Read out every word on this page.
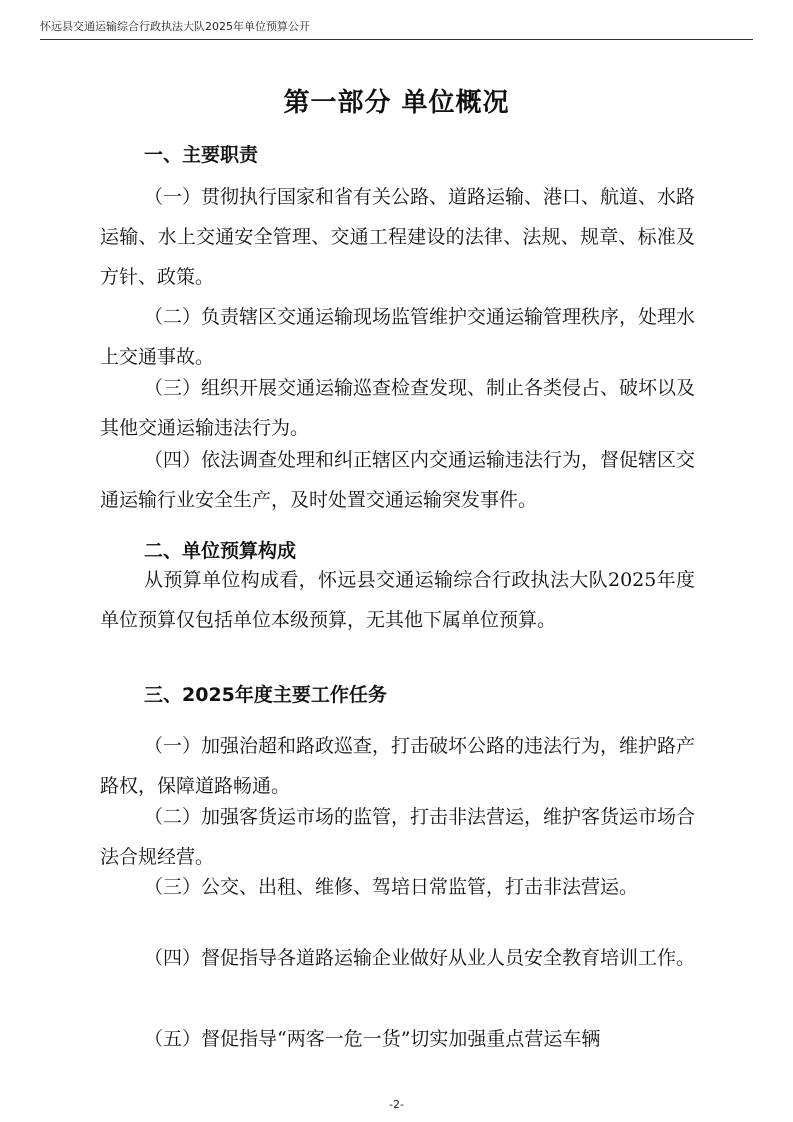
怀远县交通运输综合行政执法大队2025年单位预算公开
第一部分 单位概况
一、主要职责
（一）贯彻执行国家和省有关公路、道路运输、港口、航道、水路运输、水上交通安全管理、交通工程建设的法律、法规、规章、标准及方针、政策。
（二）负责辖区交通运输现场监管维护交通运输管理秩序，处理水上交通事故。
（三）组织开展交通运输巡查检查发现、制止各类侵占、破坏以及其他交通运输违法行为。
（四）依法调查处理和纠正辖区内交通运输违法行为，督促辖区交通运输行业安全生产，及时处置交通运输突发事件。
二、单位预算构成
从预算单位构成看，怀远县交通运输综合行政执法大队2025年度单位预算仅包括单位本级预算，无其他下属单位预算。
三、2025年度主要工作任务
（一）加强治超和路政巡查，打击破坏公路的违法行为，维护路产路权，保障道路畅通。
（二）加强客货运市场的监管，打击非法营运，维护客货运市场合法合规经营。
（三）公交、出租、维修、驾培日常监管，打击非法营运。
（四）督促指导各道路运输企业做好从业人员安全教育培训工作。
（五）督促指导“两客一危一货”切实加强重点营运车辆
-2-
